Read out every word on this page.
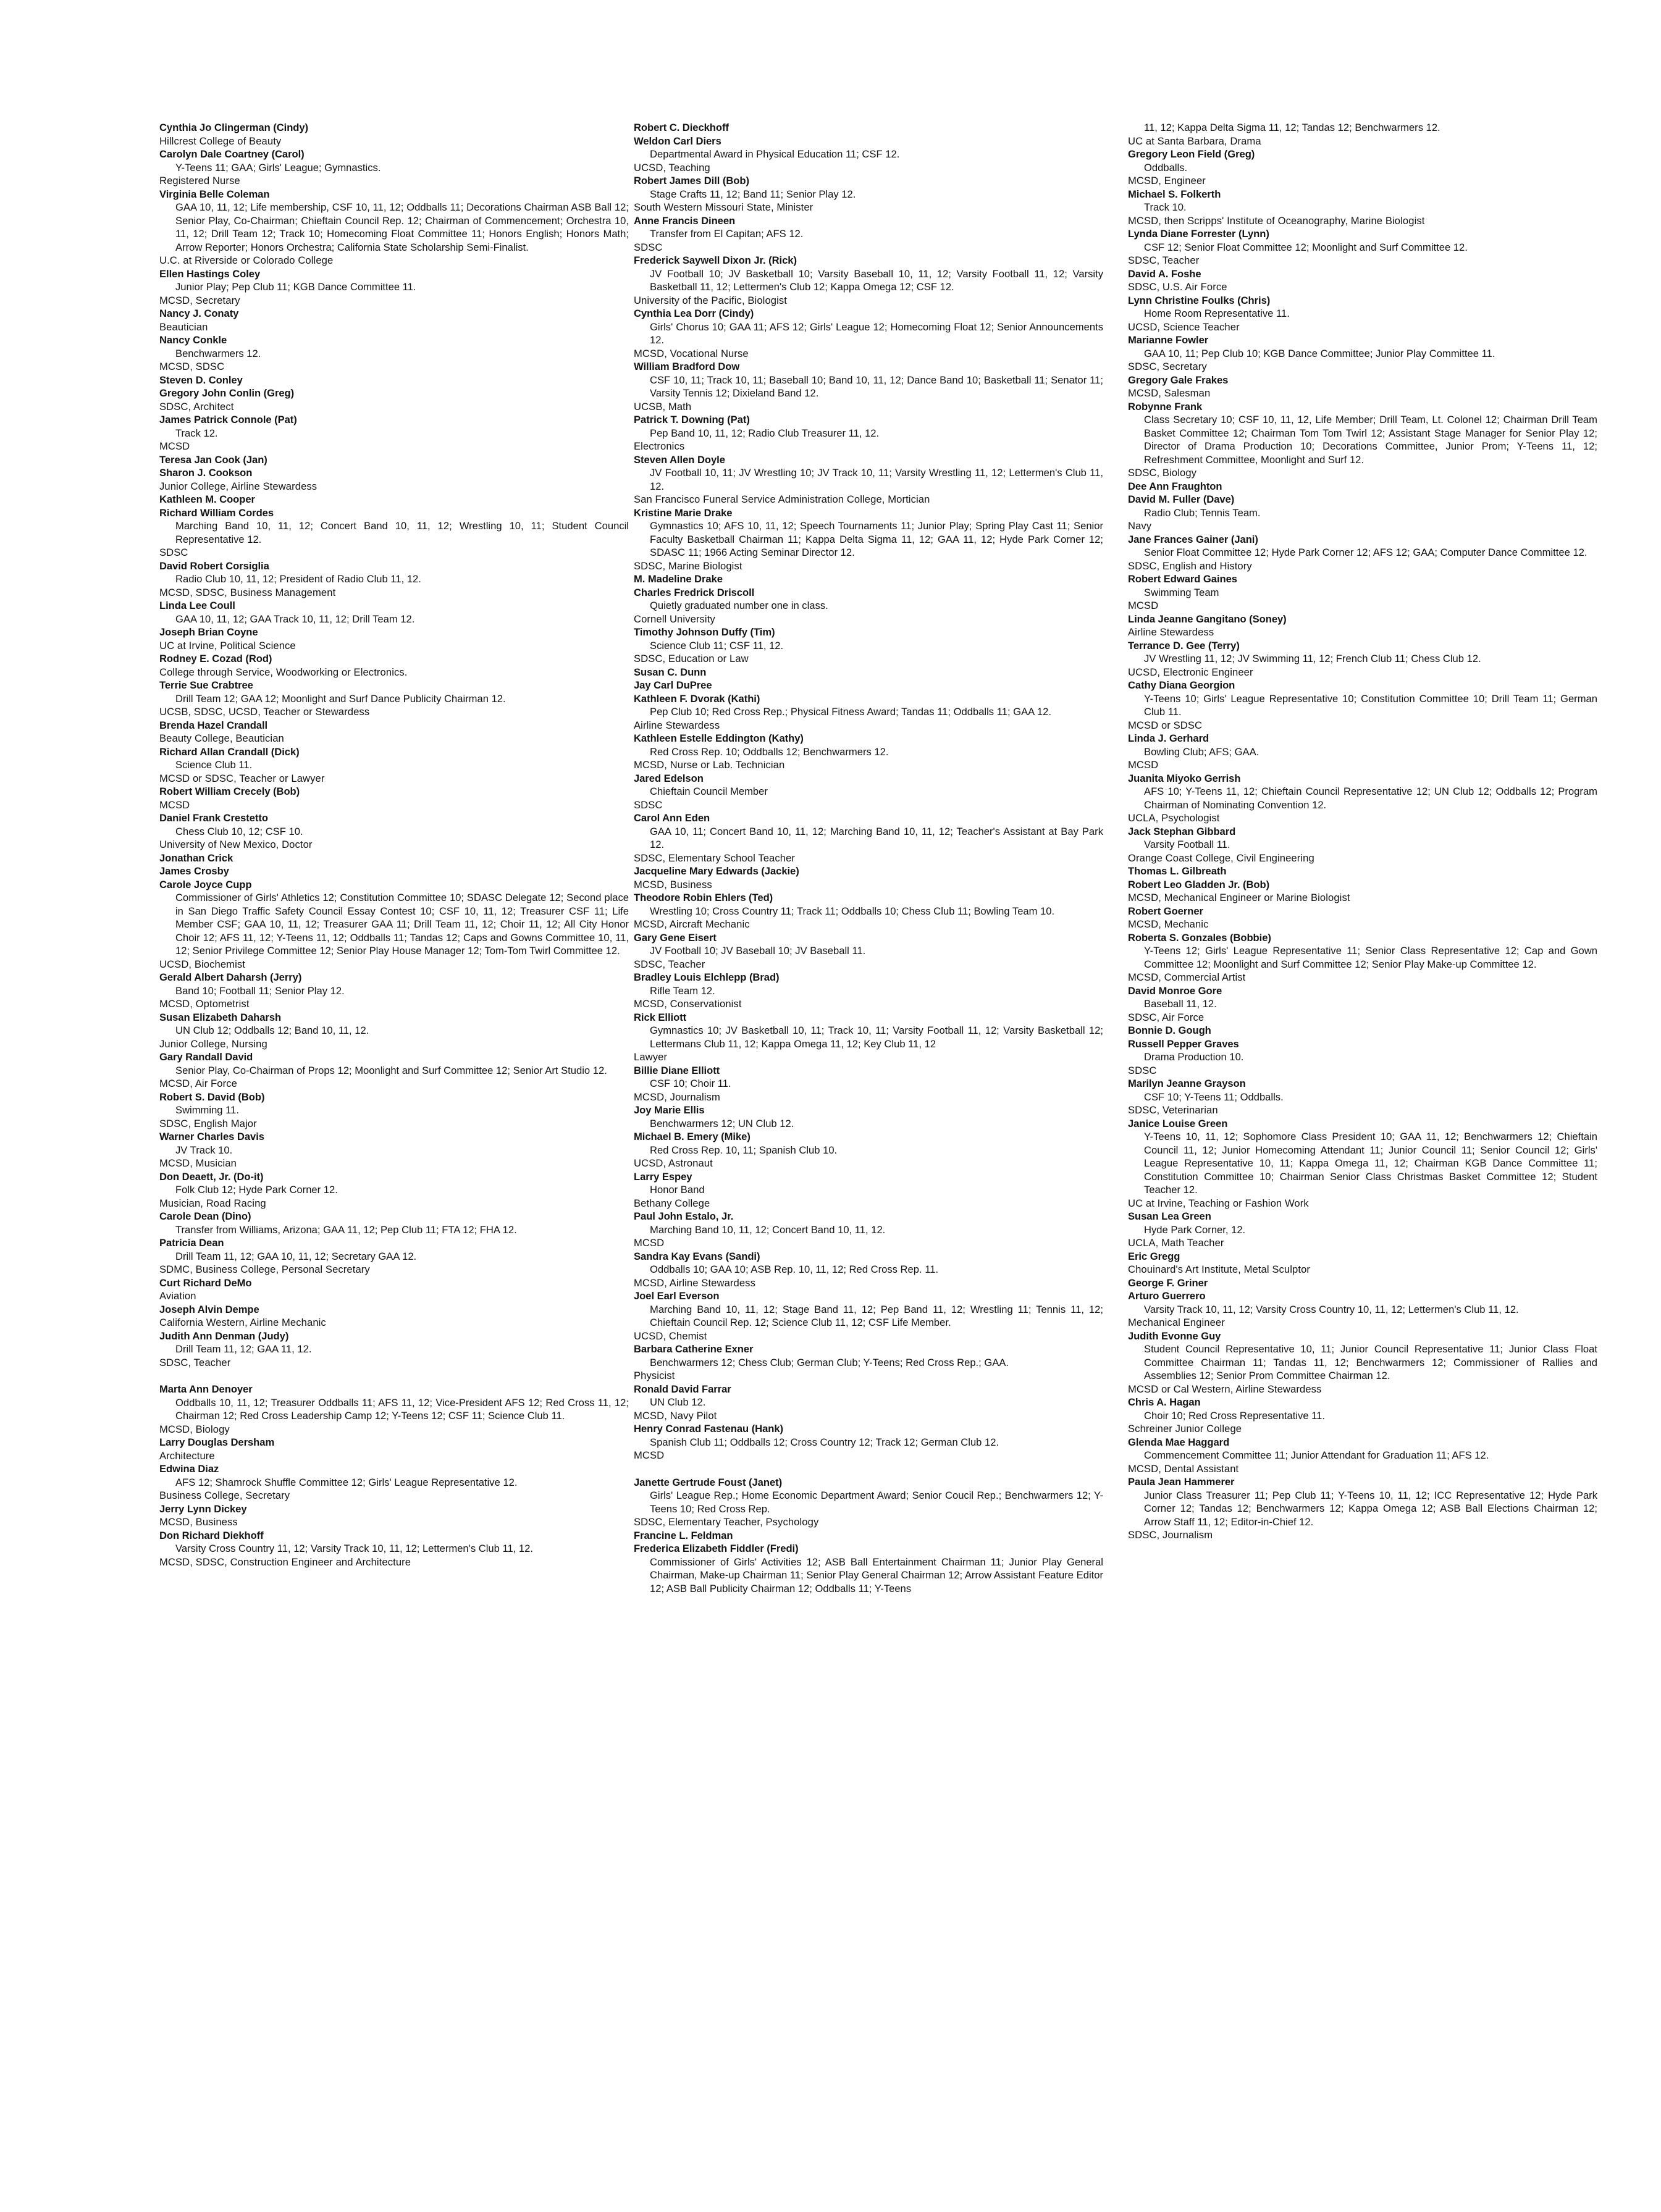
Cynthia Jo Clingerman (Cindy)
Hillcrest College of Beauty
Carolyn Dale Coartney (Carol)
Y-Teens 11; GAA; Girls' League; Gymnastics.
Registered Nurse
Virginia Belle Coleman
GAA 10, 11, 12; Life membership, CSF 10, 11, 12; Oddballs 11; Decorations Chairman ASB Ball 12; Senior Play, Co-Chairman; Chieftain Council Rep. 12; Chairman of Commencement; Orchestra 10, 11, 12; Drill Team 12; Track 10; Homecoming Float Committee 11; Honors English; Honors Math; Arrow Reporter; Honors Orchestra; California State Scholarship Semi-Finalist.
U.C. at Riverside or Colorado College
Ellen Hastings Coley
Junior Play; Pep Club 11; KGB Dance Committee 11.
MCSD, Secretary
Nancy J. Conaty
Beautician
Nancy Conkle
Benchwarmers 12.
MCSD, SDSC
Steven D. Conley
Gregory John Conlin (Greg)
SDSC, Architect
James Patrick Connole (Pat)
Track 12.
MCSD
Teresa Jan Cook (Jan)
Sharon J. Cookson
Junior College, Airline Stewardess
Kathleen M. Cooper
Richard William Cordes
Marching Band 10, 11, 12; Concert Band 10, 11, 12; Wrestling 10, 11; Student Council Representative 12.
SDSC
David Robert Corsiglia
Radio Club 10, 11, 12; President of Radio Club 11, 12.
MCSD, SDSC, Business Management
Linda Lee Coull
GAA 10, 11, 12; GAA Track 10, 11, 12; Drill Team 12.
Joseph Brian Coyne
UC at Irvine, Political Science
Rodney E. Cozad (Rod)
College through Service, Woodworking or Electronics.
Terrie Sue Crabtree
Drill Team 12; GAA 12; Moonlight and Surf Dance Publicity Chairman 12.
UCSB, SDSC, UCSD, Teacher or Stewardess
Brenda Hazel Crandall
Beauty College, Beautician
Richard Allan Crandall (Dick)
Science Club 11.
MCSD or SDSC, Teacher or Lawyer
Robert William Crecely (Bob)
MCSD
Daniel Frank Crestetto
Chess Club 10, 12; CSF 10.
University of New Mexico, Doctor
Jonathan Crick
James Crosby
Carole Joyce Cupp
Commissioner of Girls' Athletics 12; Constitution Committee 10; SDASC Delegate 12; Second place in San Diego Traffic Safety Council Essay Contest 10; CSF 10, 11, 12; Treasurer CSF 11; Life Member CSF; GAA 10, 11, 12; Treasurer GAA 11; Drill Team 11, 12; Choir 11, 12; All City Honor Choir 12; AFS 11, 12; Y-Teens 11, 12; Oddballs 11; Tandas 12; Caps and Gowns Committee 10, 11, 12; Senior Privilege Committee 12; Senior Play House Manager 12; Tom-Tom Twirl Committee 12.
UCSD, Biochemist
Gerald Albert Daharsh (Jerry)
Band 10; Football 11; Senior Play 12.
MCSD, Optometrist
Susan Elizabeth Daharsh
UN Club 12; Oddballs 12; Band 10, 11, 12.
Junior College, Nursing
Gary Randall David
Senior Play, Co-Chairman of Props 12; Moonlight and Surf Committee 12; Senior Art Studio 12.
MCSD, Air Force
Robert S. David (Bob)
Swimming 11.
SDSC, English Major
Warner Charles Davis
JV Track 10.
MCSD, Musician
Don Deaett, Jr. (Do-it)
Folk Club 12; Hyde Park Corner 12.
Musician, Road Racing
Carole Dean (Dino)
Transfer from Williams, Arizona; GAA 11, 12; Pep Club 11; FTA 12; FHA 12.
Patricia Dean
Drill Team 11, 12; GAA 10, 11, 12; Secretary GAA 12.
SDMC, Business College, Personal Secretary
Curt Richard DeMo
Aviation
Joseph Alvin Dempe
California Western, Airline Mechanic
Judith Ann Denman (Judy)
Drill Team 11, 12; GAA 11, 12.
SDSC, Teacher
Marta Ann Denoyer
Oddballs 10, 11, 12; Treasurer Oddballs 11; AFS 11, 12; Vice-President AFS 12; Red Cross 11, 12; Chairman 12; Red Cross Leadership Camp 12; Y-Teens 12; CSF 11; Science Club 11.
MCSD, Biology
Larry Douglas Dersham
Architecture
Edwina Diaz
AFS 12; Shamrock Shuffle Committee 12; Girls' League Representative 12.
Business College, Secretary
Jerry Lynn Dickey
MCSD, Business
Don Richard Diekhoff
Varsity Cross Country 11, 12; Varsity Track 10, 11, 12; Lettermen's Club 11, 12.
MCSD, SDSC, Construction Engineer and Architecture
Robert C. Dieckhoff
Weldon Carl Diers
Departmental Award in Physical Education 11; CSF 12.
UCSD, Teaching
Robert James Dill (Bob)
Stage Crafts 11, 12; Band 11; Senior Play 12.
South Western Missouri State, Minister
Anne Francis Dineen
Transfer from El Capitan; AFS 12.
SDSC
Frederick Saywell Dixon Jr. (Rick)
JV Football 10; JV Basketball 10; Varsity Baseball 10, 11, 12; Varsity Football 11, 12; Varsity Basketball 11, 12; Lettermen's Club 12; Kappa Omega 12; CSF 12.
University of the Pacific, Biologist
Cynthia Lea Dorr (Cindy)
Girls' Chorus 10; GAA 11; AFS 12; Girls' League 12; Homecoming Float 12; Senior Announcements 12.
MCSD, Vocational Nurse
William Bradford Dow
CSF 10, 11; Track 10, 11; Baseball 10; Band 10, 11, 12; Dance Band 10; Basketball 11; Senator 11; Varsity Tennis 12; Dixieland Band 12.
UCSB, Math
Patrick T. Downing (Pat)
Pep Band 10, 11, 12; Radio Club Treasurer 11, 12.
Electronics
Steven Allen Doyle
JV Football 10, 11; JV Wrestling 10; JV Track 10, 11; Varsity Wrestling 11, 12; Lettermen's Club 11, 12.
San Francisco Funeral Service Administration College, Mortician
Kristine Marie Drake
Gymnastics 10; AFS 10, 11, 12; Speech Tournaments 11; Junior Play; Spring Play Cast 11; Senior Faculty Basketball Chairman 11; Kappa Delta Sigma 11, 12; GAA 11, 12; Hyde Park Corner 12; SDASC 11; 1966 Acting Seminar Director 12.
SDSC, Marine Biologist
M. Madeline Drake
Charles Fredrick Driscoll
Quietly graduated number one in class.
Cornell University
Timothy Johnson Duffy (Tim)
Science Club 11; CSF 11, 12.
SDSC, Education or Law
Susan C. Dunn
Jay Carl DuPree
Kathleen F. Dvorak (Kathi)
Pep Club 10; Red Cross Rep.; Physical Fitness Award; Tandas 11; Oddballs 11; GAA 12.
Airline Stewardess
Kathleen Estelle Eddington (Kathy)
Red Cross Rep. 10; Oddballs 12; Benchwarmers 12.
MCSD, Nurse or Lab. Technician
Jared Edelson
Chieftain Council Member
SDSC
Carol Ann Eden
GAA 10, 11; Concert Band 10, 11, 12; Marching Band 10, 11, 12; Teacher's Assistant at Bay Park 12.
SDSC, Elementary School Teacher
Jacqueline Mary Edwards (Jackie)
MCSD, Business
Theodore Robin Ehlers (Ted)
Wrestling 10; Cross Country 11; Track 11; Oddballs 10; Chess Club 11; Bowling Team 10.
MCSD, Aircraft Mechanic
Gary Gene Eisert
JV Football 10; JV Baseball 10; JV Baseball 11.
SDSC, Teacher
Bradley Louis Elchlepp (Brad)
Rifle Team 12.
MCSD, Conservationist
Rick Elliott
Gymnastics 10; JV Basketball 10, 11; Track 10, 11; Varsity Football 11, 12; Varsity Basketball 12; Lettermans Club 11, 12; Kappa Omega 11, 12; Key Club 11, 12
Lawyer
Billie Diane Elliott
CSF 10; Choir 11.
MCSD, Journalism
Joy Marie Ellis
Benchwarmers 12; UN Club 12.
Michael B. Emery (Mike)
Red Cross Rep. 10, 11; Spanish Club 10.
UCSD, Astronaut
Larry Espey
Honor Band
Bethany College
Paul John Estalo, Jr.
Marching Band 10, 11, 12; Concert Band 10, 11, 12.
MCSD
Sandra Kay Evans (Sandi)
Oddballs 10; GAA 10; ASB Rep. 10, 11, 12; Red Cross Rep. 11.
MCSD, Airline Stewardess
Joel Earl Everson
Marching Band 10, 11, 12; Stage Band 11, 12; Pep Band 11, 12; Wrestling 11; Tennis 11, 12; Chieftain Council Rep. 12; Science Club 11, 12; CSF Life Member.
UCSD, Chemist
Barbara Catherine Exner
Benchwarmers 12; Chess Club; German Club; Y-Teens; Red Cross Rep.; GAA.
Physicist
Ronald David Farrar
UN Club 12.
MCSD, Navy Pilot
Henry Conrad Fastenau (Hank)
Spanish Club 11; Oddballs 12; Cross Country 12; Track 12; German Club 12.
MCSD
Janette Gertrude Foust (Janet)
Girls' League Rep.; Home Economic Department Award; Senior Coucil Rep.; Benchwarmers 12; Y-Teens 10; Red Cross Rep.
SDSC, Elementary Teacher, Psychology
Francine L. Feldman
Frederica Elizabeth Fiddler (Fredi)
Commissioner of Girls' Activities 12; ASB Ball Entertainment Chairman 11; Junior Play General Chairman, Make-up Chairman 11; Senior Play General Chairman 12; Arrow Assistant Feature Editor 12; ASB Ball Publicity Chairman 12; Oddballs 11; Y-Teens
11, 12; Kappa Delta Sigma 11, 12; Tandas 12; Benchwarmers 12.
UC at Santa Barbara, Drama
Gregory Leon Field (Greg)
Oddballs.
MCSD, Engineer
Michael S. Folkerth
Track 10.
MCSD, then Scripps' Institute of Oceanography, Marine Biologist
Lynda Diane Forrester (Lynn)
CSF 12; Senior Float Committee 12; Moonlight and Surf Committee 12.
SDSC, Teacher
David A. Foshe
SDSC, U.S. Air Force
Lynn Christine Foulks (Chris)
Home Room Representative 11.
UCSD, Science Teacher
Marianne Fowler
GAA 10, 11; Pep Club 10; KGB Dance Committee; Junior Play Committee 11.
SDSC, Secretary
Gregory Gale Frakes
MCSD, Salesman
Robynne Frank
Class Secretary 10; CSF 10, 11, 12, Life Member; Drill Team, Lt. Colonel 12; Chairman Drill Team Basket Committee 12; Chairman Tom Tom Twirl 12; Assistant Stage Manager for Senior Play 12; Director of Drama Production 10; Decorations Committee, Junior Prom; Y-Teens 11, 12; Refreshment Committee, Moonlight and Surf 12.
SDSC, Biology
Dee Ann Fraughton
David M. Fuller (Dave)
Radio Club; Tennis Team.
Navy
Jane Frances Gainer (Jani)
Senior Float Committee 12; Hyde Park Corner 12; AFS 12; GAA; Computer Dance Committee 12.
SDSC, English and History
Robert Edward Gaines
Swimming Team
MCSD
Linda Jeanne Gangitano (Soney)
Airline Stewardess
Terrance D. Gee (Terry)
JV Wrestling 11, 12; JV Swimming 11, 12; French Club 11; Chess Club 12.
UCSD, Electronic Engineer
Cathy Diana Georgion
Y-Teens 10; Girls' League Representative 10; Constitution Committee 10; Drill Team 11; German Club 11.
MCSD or SDSC
Linda J. Gerhard
Bowling Club; AFS; GAA.
MCSD
Juanita Miyoko Gerrish
AFS 10; Y-Teens 11, 12; Chieftain Council Representative 12; UN Club 12; Oddballs 12; Program Chairman of Nominating Convention 12.
UCLA, Psychologist
Jack Stephan Gibbard
Varsity Football 11.
Orange Coast College, Civil Engineering
Thomas L. Gilbreath
Robert Leo Gladden Jr. (Bob)
MCSD, Mechanical Engineer or Marine Biologist
Robert Goerner
MCSD, Mechanic
Roberta S. Gonzales (Bobbie)
Y-Teens 12; Girls' League Representative 11; Senior Class Representative 12; Cap and Gown Committee 12; Moonlight and Surf Committee 12; Senior Play Make-up Committee 12.
MCSD, Commercial Artist
David Monroe Gore
Baseball 11, 12.
SDSC, Air Force
Bonnie D. Gough
Russell Pepper Graves
Drama Production 10.
SDSC
Marilyn Jeanne Grayson
CSF 10; Y-Teens 11; Oddballs.
SDSC, Veterinarian
Janice Louise Green
Y-Teens 10, 11, 12; Sophomore Class President 10; GAA 11, 12; Benchwarmers 12; Chieftain Council 11, 12; Junior Homecoming Attendant 11; Junior Council 11; Senior Council 12; Girls' League Representative 10, 11; Kappa Omega 11, 12; Chairman KGB Dance Committee 11; Constitution Committee 10; Chairman Senior Class Christmas Basket Committee 12; Student Teacher 12.
UC at Irvine, Teaching or Fashion Work
Susan Lea Green
Hyde Park Corner, 12.
UCLA, Math Teacher
Eric Gregg
Chouinard's Art Institute, Metal Sculptor
George F. Griner
Arturo Guerrero
Varsity Track 10, 11, 12; Varsity Cross Country 10, 11, 12; Lettermen's Club 11, 12.
Mechanical Engineer
Judith Evonne Guy
Student Council Representative 10, 11; Junior Council Representative 11; Junior Class Float Committee Chairman 11; Tandas 11, 12; Benchwarmers 12; Commissioner of Rallies and Assemblies 12; Senior Prom Committee Chairman 12.
MCSD or Cal Western, Airline Stewardess
Chris A. Hagan
Choir 10; Red Cross Representative 11.
Schreiner Junior College
Glenda Mae Haggard
Commencement Committee 11; Junior Attendant for Graduation 11; AFS 12.
MCSD, Dental Assistant
Paula Jean Hammerer
Junior Class Treasurer 11; Pep Club 11; Y-Teens 10, 11, 12; ICC Representative 12; Hyde Park Corner 12; Tandas 12; Benchwarmers 12; Kappa Omega 12; ASB Ball Elections Chairman 12; Arrow Staff 11, 12; Editor-in-Chief 12.
SDSC, Journalism
